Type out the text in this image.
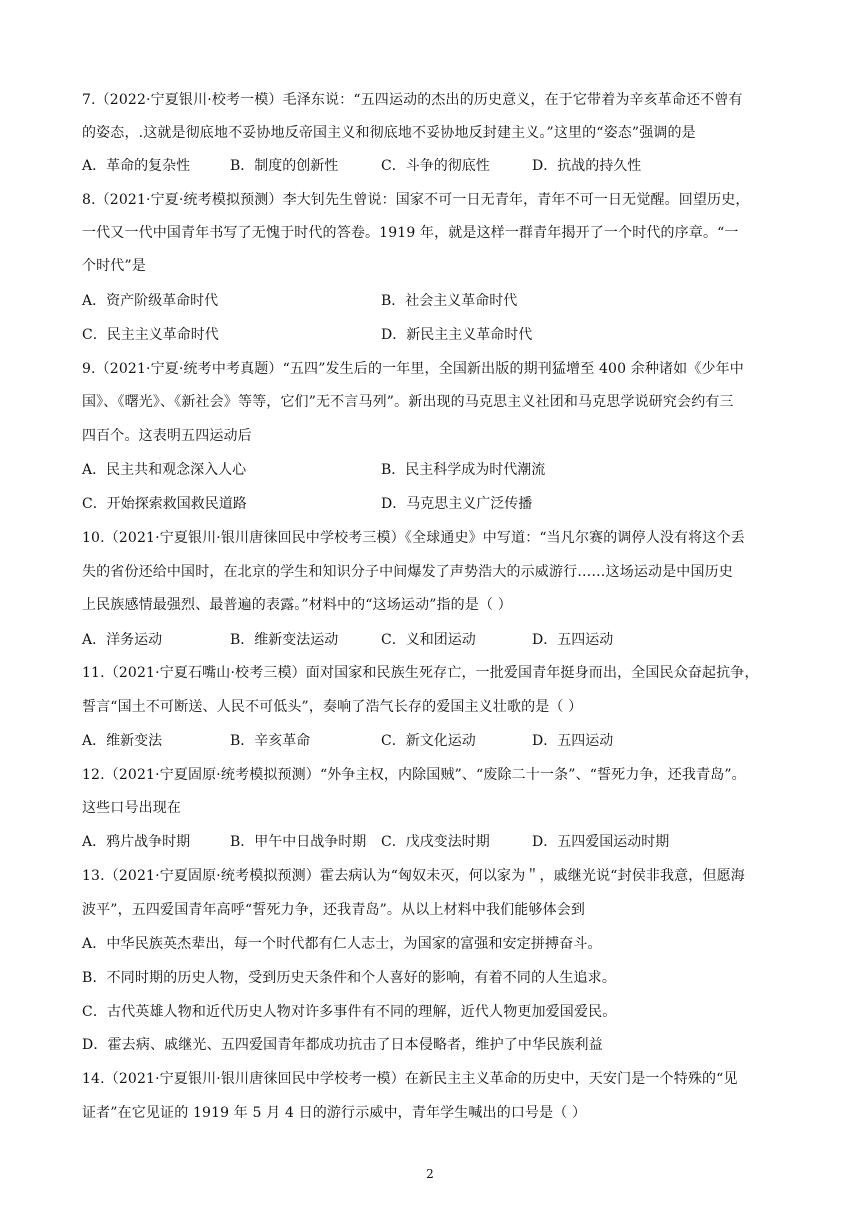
7.（2022·宁夏银川·校考一模）毛泽东说：“五四运动的杰出的历史意义，在于它带着为辛亥革命还不曾有
的姿态，.这就是彻底地不妥协地反帝国主义和彻底地不妥协地反封建主义。”这里的“姿态”强调的是
A．革命的复杂性	B．制度的创新性	C．斗争的彻底性	D．抗战的持久性
8.（2021·宁夏·统考模拟预测）李大钊先生曾说：国家不可一日无青年，青年不可一日无觉醒。回望历史，
一代又一代中国青年书写了无愧于时代的答卷。1919 年，就是这样一群青年揭开了一个时代的序章。“一
个时代”是
A．资产阶级革命时代	B．社会主义革命时代
C．民主主义革命时代	D．新民主主义革命时代
9.（2021·宁夏·统考中考真题）“五四”发生后的一年里，全国新出版的期刊猛增至 400 余种诸如《少年中
国》、《曙光》、《新社会》等等，它们”无不言马列”。新出现的马克思主义社团和马克思学说研究会约有三
四百个。这表明五四运动后
A．民主共和观念深入人心	B．民主科学成为时代潮流
C．开始探索救国救民道路	D．马克思主义广泛传播
10.（2021·宁夏银川·银川唐徕回民中学校考三模）《全球通史》中写道：“当凡尔赛的调停人没有将这个丢
失的省份还给中国时，在北京的学生和知识分子中间爆发了声势浩大的示威游行……这场运动是中国历史
上民族感情最强烈、最普遍的表露。”材料中的“这场运动”指的是（ ）
A．洋务运动	B．维新变法运动	C．义和团运动	D．五四运动
11.（2021·宁夏石嘴山·校考三模）面对国家和民族生死存亡，一批爱国青年挺身而出，全国民众奋起抗争，
誓言“国土不可断送、人民不可低头”，奏响了浩气长存的爱国主义壮歌的是（ ）
A．维新变法	B．辛亥革命	C．新文化运动	D．五四运动
12.（2021·宁夏固原·统考模拟预测）“外争主权，内除国贼”、“废除二十一条”、“誓死力争，还我青岛”。
这些口号出现在
A．鸦片战争时期	B．甲午中日战争时期 C．戊戌变法时期	D．五四爱国运动时期
13.（2021·宁夏固原·统考模拟预测）霍去病认为“匈奴未灭，何以家为＂，戚继光说“封侯非我意，但愿海
波平”，五四爱国青年高呼“誓死力争，还我青岛”。从以上材料中我们能够体会到
A．中华民族英杰辈出，每一个时代都有仁人志士，为国家的富强和安定拼搏奋斗。
B．不同时期的历史人物，受到历史天条件和个人喜好的影响，有着不同的人生追求。
C．古代英雄人物和近代历史人物对许多事件有不同的理解，近代人物更加爱国爱民。
D．霍去病、戚继光、五四爱国青年都成功抗击了日本侵略者，维护了中华民族利益
14.（2021·宁夏银川·银川唐徕回民中学校考一模）在新民主主义革命的历史中，天安门是一个特殊的“见
证者”在它见证的 1919 年 5 月 4 日的游行示威中，青年学生喊出的口号是（ ）
2
